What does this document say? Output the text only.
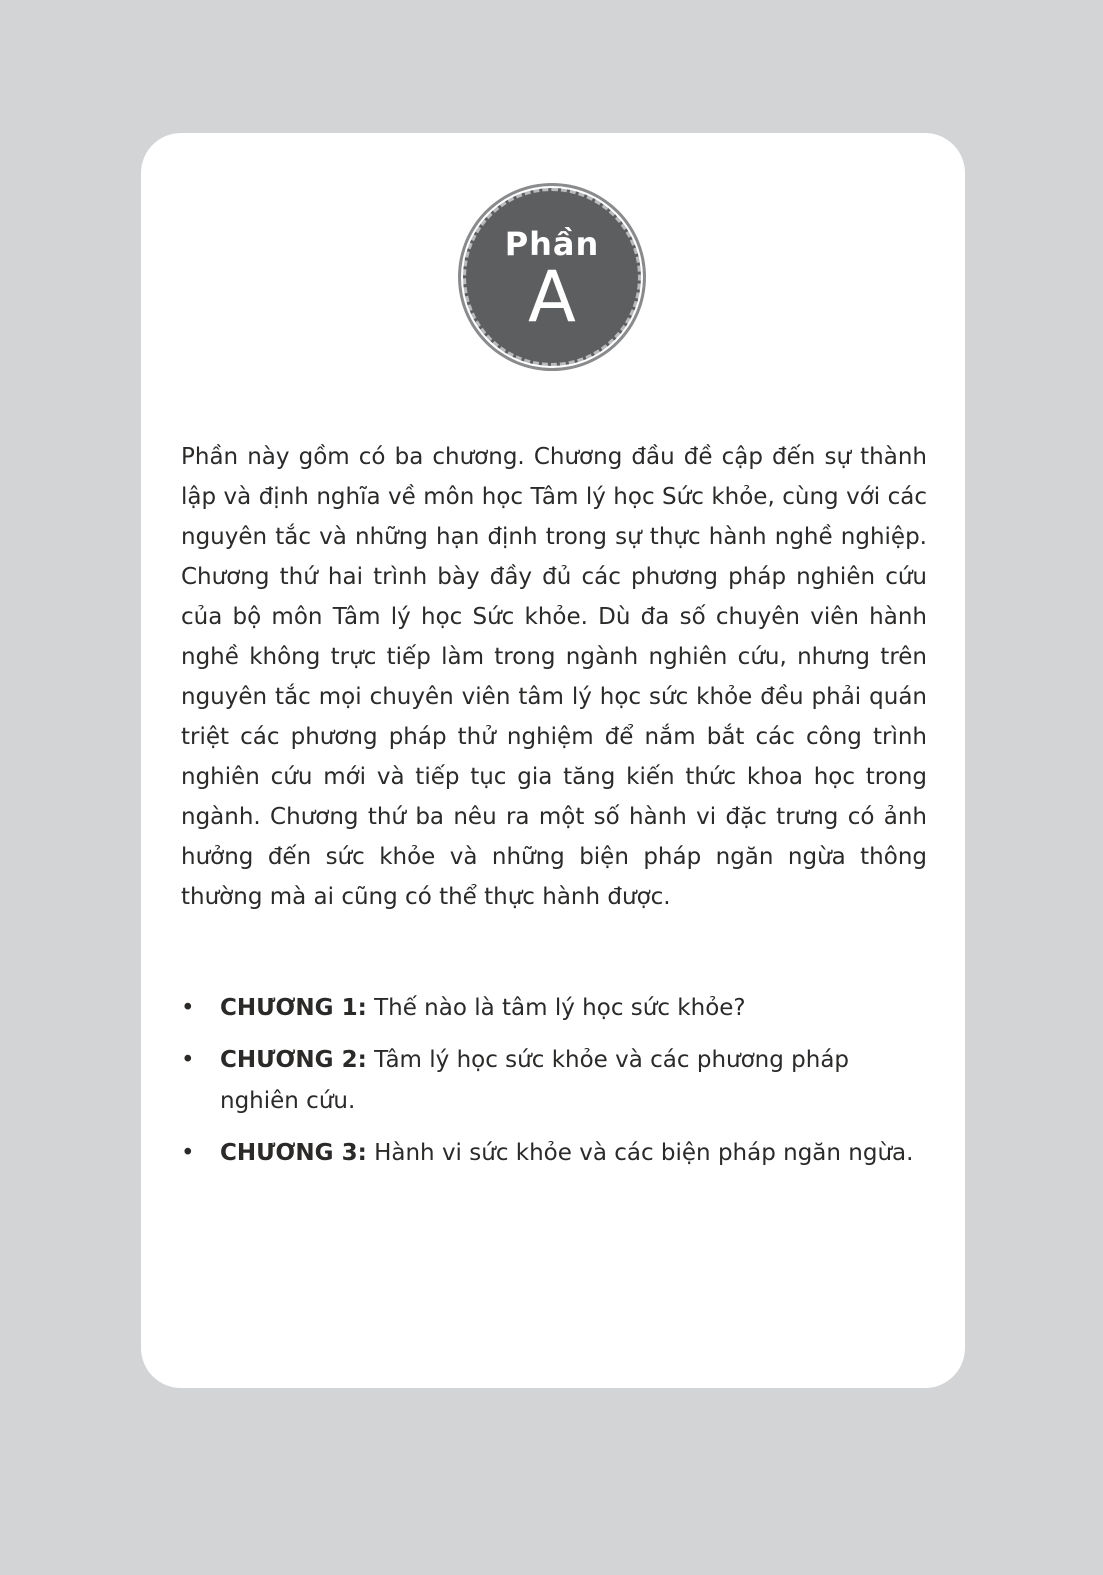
Phần
A

Phần này gồm có ba chương. Chương đầu đề cập đến sự thành lập và định nghĩa về môn học Tâm lý học Sức khỏe, cùng với các nguyên tắc và những hạn định trong sự thực hành nghề nghiệp. Chương thứ hai trình bày đầy đủ các phương pháp nghiên cứu của bộ môn Tâm lý học Sức khỏe. Dù đa số chuyên viên hành nghề không trực tiếp làm trong ngành nghiên cứu, nhưng trên nguyên tắc mọi chuyên viên tâm lý học sức khỏe đều phải quán triệt các phương pháp thử nghiệm để nắm bắt các công trình nghiên cứu mới và tiếp tục gia tăng kiến thức khoa học trong ngành. Chương thứ ba nêu ra một số hành vi đặc trưng có ảnh hưởng đến sức khỏe và những biện pháp ngăn ngừa thông thường mà ai cũng có thể thực hành được.

• CHƯƠNG 1: Thế nào là tâm lý học sức khỏe?
• CHƯƠNG 2: Tâm lý học sức khỏe và các phương pháp nghiên cứu.
• CHƯƠNG 3: Hành vi sức khỏe và các biện pháp ngăn ngừa.
